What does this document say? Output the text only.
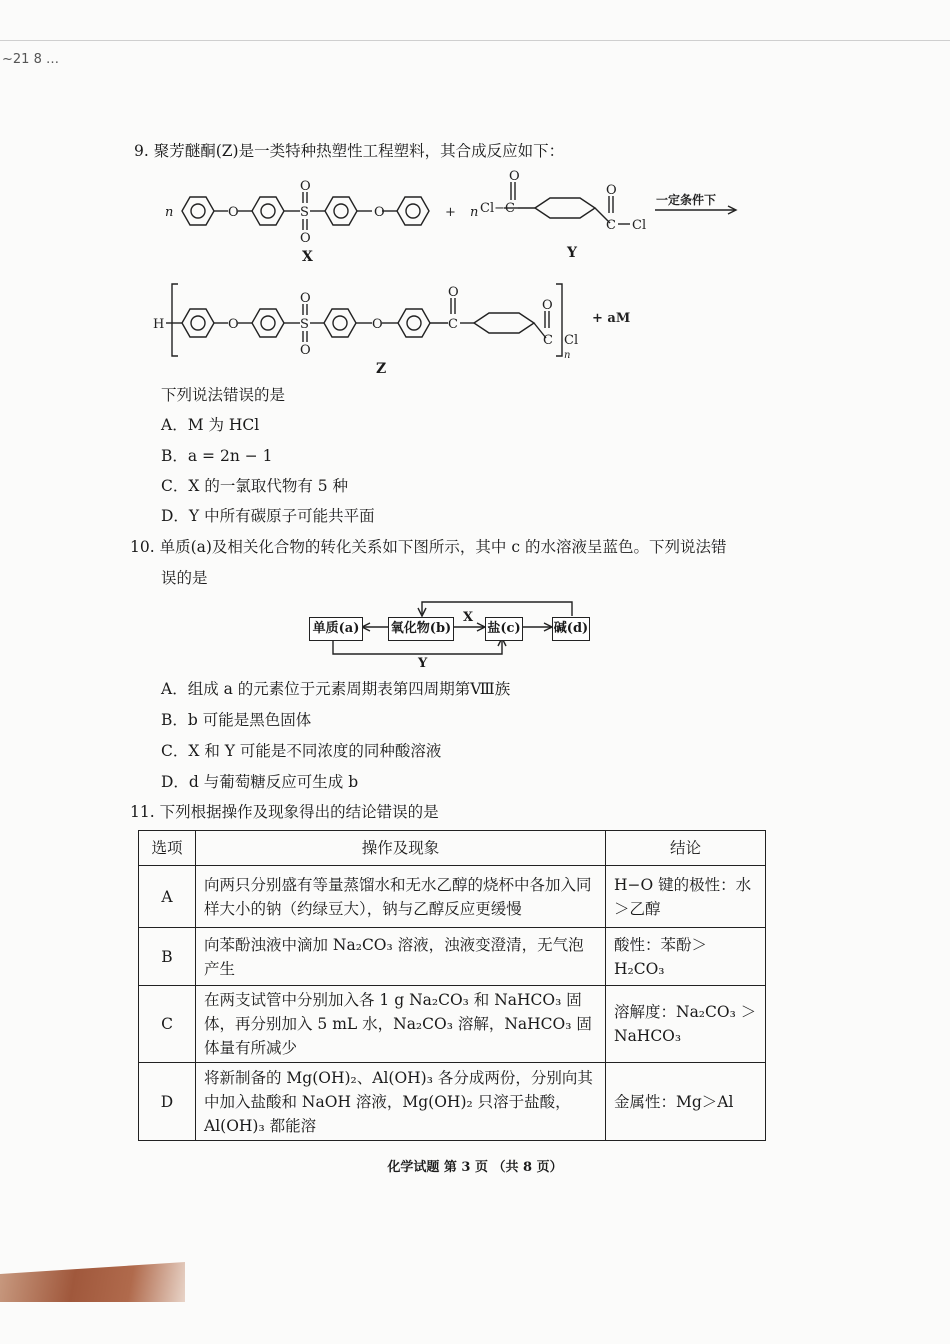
~21 8 …
9. 聚芳醚酮(Z)是一类特种热塑性工程塑料，其合成反应如下：
n	O	O
S
O
O
+ n Cl−C
O
O
C Cl
一定条件下
X	Y
H	O	O
S
O
O
C
O
O
C Cl
n
+ aM
Z
下列说法错误的是
A．M 为 HCl
B．a = 2n − 1
C．X 的一氯取代物有 5 种
D．Y 中所有碳原子可能共平面
10. 单质(a)及相关化合物的转化关系如下图所示，其中 c 的水溶液呈蓝色。下列说法错
误的是
单质(a) 氧化物(b)	盐(c)	碱(d)
X
Y
A．组成 a 的元素位于元素周期表第四周期第Ⅷ族
B．b 可能是黑色固体
C．X 和 Y 可能是不同浓度的同种酸溶液
D．d 与葡萄糖反应可生成 b
11. 下列根据操作及现象得出的结论错误的是
选项	操作及现象	结论
A	向两只分别盛有等量蒸馏水和无水乙醇的烧杯中各加入同样大小的钠（约绿豆大），钠与乙醇反应更缓慢	H−O 键的极性：水＞乙醇
B	向苯酚浊液中滴加 Na₂CO₃ 溶液，浊液变澄清，无气泡产生	酸性：苯酚＞H₂CO₃
C	在两支试管中分别加入各 1 g Na₂CO₃ 和 NaHCO₃ 固体，再分别加入 5 mL 水，Na₂CO₃ 溶解，NaHCO₃ 固体量有所减少	溶解度：Na₂CO₃ ＞ NaHCO₃
D	将新制备的 Mg(OH)₂、Al(OH)₃ 各分成两份，分别向其中加入盐酸和 NaOH 溶液，Mg(OH)₂ 只溶于盐酸，Al(OH)₃ 都能溶	金属性：Mg＞Al
化学试题 第 3 页 （共 8 页）
